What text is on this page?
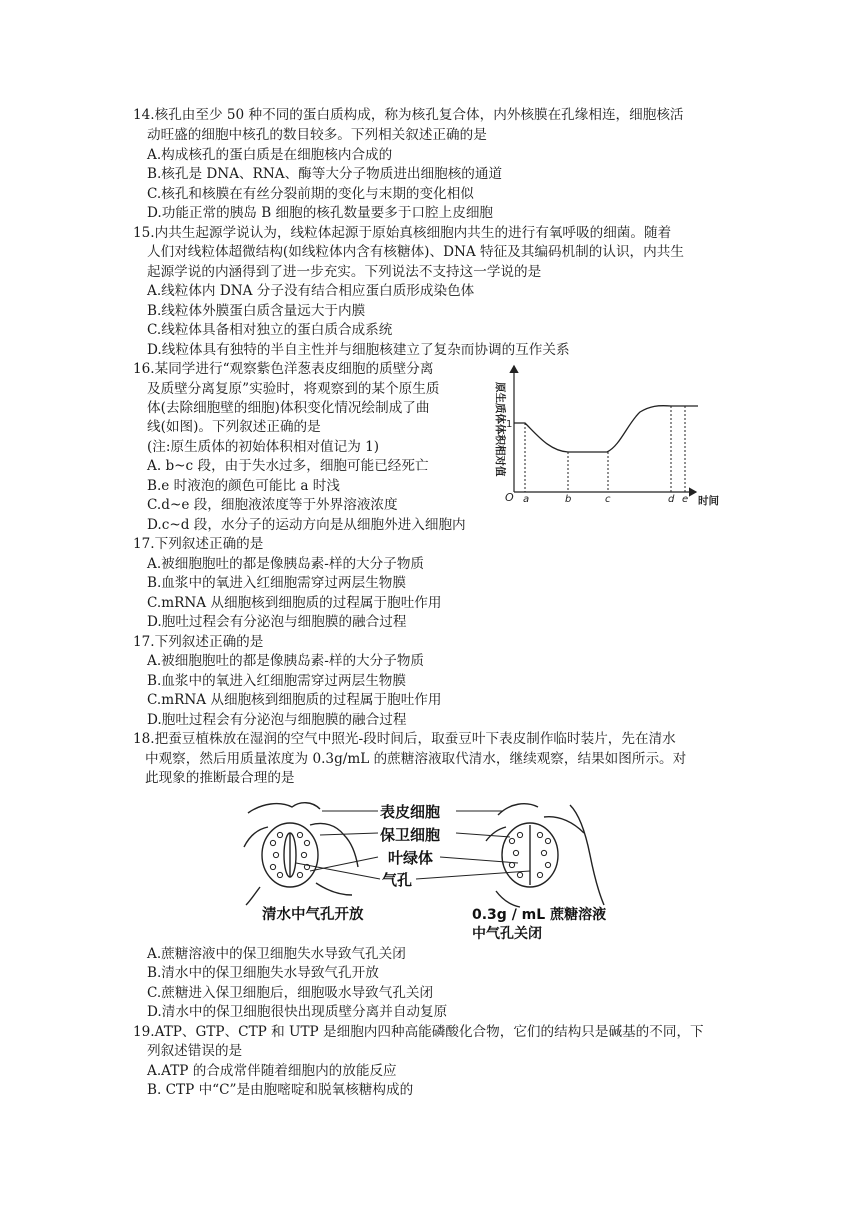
14.核孔由至少 50 种不同的蛋白质构成，称为核孔复合体，内外核膜在孔缘相连，细胞核活
动旺盛的细胞中核孔的数目较多。下列相关叙述正确的是
A.构成核孔的蛋白质是在细胞核内合成的
B.核孔是 DNA、RNA、酶等大分子物质进出细胞核的通道
C.核孔和核膜在有丝分裂前期的变化与末期的变化相似
D.功能正常的胰岛 B 细胞的核孔数量要多于口腔上皮细胞
15.内共生起源学说认为，线粒体起源于原始真核细胞内共生的进行有氧呼吸的细菌。随着
人们对线粒体超微结构(如线粒体内含有核糖体)、DNA 特征及其编码机制的认识，内共生
起源学说的内涵得到了进一步充实。下列说法不支持这一学说的是
A.线粒体内 DNA 分子没有结合相应蛋白质形成染色体
B.线粒体外膜蛋白质含量远大于内膜
C.线粒体具备相对独立的蛋白质合成系统
D.线粒体具有独特的半自主性并与细胞核建立了复杂而协调的互作关系
16.某同学进行“观察紫色洋葱表皮细胞的质壁分离
及质壁分离复原”实验时，将观察到的某个原生质
体(去除细胞壁的细胞)体积变化情况绘制成了曲
线(如图)。下列叙述正确的是
(注:原生质体的初始体积相对值记为 1)
A. b~c 段，由于失水过多，细胞可能已经死亡
B.e 时液泡的颜色可能比 a 时浅
C.d~e 段，细胞液浓度等于外界溶液浓度
D.c~d 段，水分子的运动方向是从细胞外进入细胞内
原生质体体积相对值 1
O a	b	c	d e 时间
17.下列叙述正确的是
A.被细胞胞吐的都是像胰岛素-样的大分子物质
B.血浆中的氧进入红细胞需穿过两层生物膜
C.mRNA 从细胞核到细胞质的过程属于胞吐作用
D.胞吐过程会有分泌泡与细胞膜的融合过程
17.下列叙述正确的是
A.被细胞胞吐的都是像胰岛素-样的大分子物质
B.血浆中的氧进入红细胞需穿过两层生物膜
C.mRNA 从细胞核到细胞质的过程属于胞吐作用
D.胞吐过程会有分泌泡与细胞膜的融合过程
18.把蚕豆植株放在湿润的空气中照光-段时间后，取蚕豆叶下表皮制作临时装片，先在清水
中观察，然后用质量浓度为 0.3g/mL 的蔗糖溶液取代清水，继续观察，结果如图所示。对
此现象的推断最合理的是
表皮细胞
保卫细胞
叶绿体
气孔
清水中气孔开放	0.3g / mL 蔗糖溶液
中气孔关闭
A.蔗糖溶液中的保卫细胞失水导致气孔关闭
B.清水中的保卫细胞失水导致气孔开放
C.蔗糖进入保卫细胞后，细胞吸水导致气孔关闭
D.清水中的保卫细胞很快出现质壁分离并自动复原
19.ATP、GTP、CTP 和 UTP 是细胞内四种高能磷酸化合物，它们的结构只是碱基的不同，下
列叙述错误的是
A.ATP 的合成常伴随着细胞内的放能反应
B. CTP 中“C”是由胞嘧啶和脱氧核糖构成的
